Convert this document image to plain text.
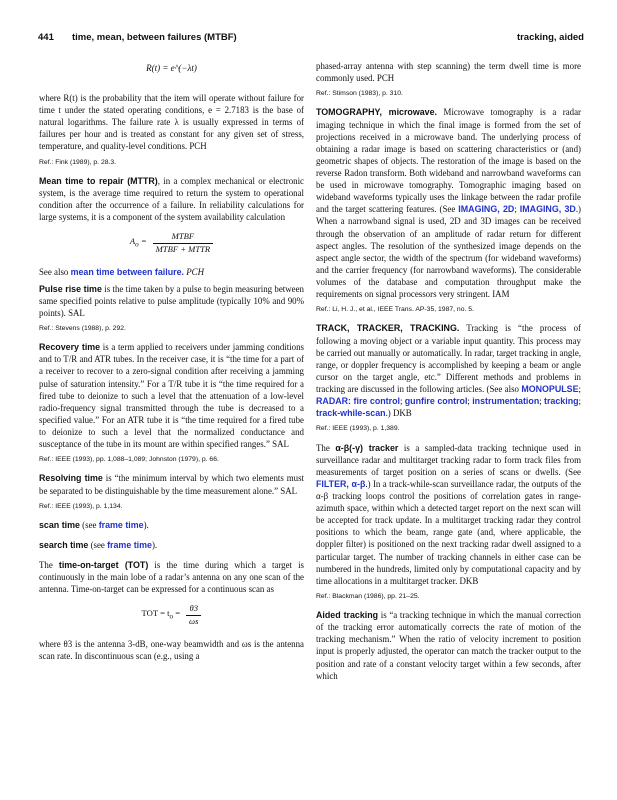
441 time, mean, between failures (MTBF)	tracking, aided
R(t) = e^(−λt)

where R(t) is the probability that the item will operate without failure for time t under the stated operating conditions, e = 2.7183 is the base of natural logarithms. The failure rate λ is usually expressed in terms of failures per hour and is treated as constant for any given set of stress, temperature, and quality-level conditions. PCH

Ref.: Fink (1989), p. 28.3.

Mean time to repair (MTTR), in a complex mechanical or electronic system, is the average time required to return the system to operational condition after the occurrence of a failure. In reliability calculations for large systems, it is a component of the system availability calculation

$A_o = \frac{\text{MTBF}}{\text{MTBF + MTTR}}$

See also mean time between failure. PCH

Pulse rise time is the time taken by a pulse to begin measuring between same specified points relative to pulse amplitude (typically 10% and 90% points). SAL

Ref.: Stevens (1988), p. 292.

Recovery time is a term applied to receivers under jamming conditions and to T/R and ATR tubes. In the receiver case, it is “the time for a part of a receiver to recover to a zero-signal condition after receiving a jamming pulse of saturation intensity.” For a T/R tube it is “the time required for a fired tube to deionize to such a level that the attenuation of a low-level radio-frequency signal transmitted through the tube is decreased to a specified value.” For an ATR tube it is “the time required for a fired tube to deionize to such a level that the normalized conductance and susceptance of the tube in its mount are within specified ranges.” SAL

Ref.: IEEE (1993), pp. 1,088–1,089; Johnston (1979), p. 66.

Resolving time is “the minimum interval by which two elements must be separated to be distinguishable by the time measurement alone.” SAL

Ref.: IEEE (1993), p. 1,134.

scan time (see frame time).

search time (see frame time).

The time-on-target (TOT) is the time during which a target is continuously in the main lobe of a radar’s antenna on any one scan of the antenna. Time-on-target can be expressed for a continuous scan as

TOT = $t_o = \frac{\theta 3}{\omega s}$

where θ3 is the antenna 3-dB, one-way beamwidth and ωs is the antenna scan rate. In discontinuous scan (e.g., using a

phased-array antenna with step scanning) the term dwell time is more commonly used. PCH

Ref.: Stimson (1983), p. 310.

TOMOGRAPHY, microwave. Microwave tomography is a radar imaging technique in which the final image is formed from the set of projections received in a microwave band. The underlying process of obtaining a radar image is based on scattering characteristics or (and) geometric shapes of objects. The restoration of the image is based on the reverse Radon transform. Both wideband and narrowband waveforms can be used in microwave tomography. Tomographic imaging based on wideband waveforms typically uses the linkage between the radar profile and the target scattering features. (See IMAGING, 2D; IMAGING, 3D.) When a narrowband signal is used, 2D and 3D images can be received through the observation of an amplitude of radar return for different aspect angles. The resolution of the synthesized image depends on the aspect angle sector, the width of the spectrum (for wideband waveforms) and the carrier frequency (for narrowband waveforms). The considerable volumes of the database and computation throughput make the requirements on signal processors very stringent. IAM

Ref.: Li, H. J., et al., IEEE Trans. AP-35, 1987, no. 5.

TRACK, TRACKER, TRACKING. Tracking is “the process of following a moving object or a variable input quantity. This process may be carried out manually or automatically. In radar, target tracking in angle, range, or doppler frequency is accomplished by keeping a beam or angle cursor on the target angle, etc.” Different methods and problems in tracking are discussed in the following articles. (See also MONOPULSE; RADAR: fire control; gunfire control; instrumentation; tracking; track-while-scan.) DKB

Ref.: IEEE (1993), p. 1,389.

The α-β(-γ) tracker is a sampled-data tracking technique used in surveillance radar and multitarget tracking radar to form track files from measurements of target position on a series of scans or dwells. (See FILTER, α-β.) In a track-while-scan surveillance radar, the outputs of the α-β tracking loops control the positions of correlation gates in range-azimuth space, within which a detected target report on the next scan will be accepted for track update. In a multitarget tracking radar they control positions to which the beam, range gate (and, where applicable, the doppler filter) is positioned on the next tracking radar dwell assigned to a particular target. The number of tracking channels in either case can be numbered in the hundreds, limited only by computational capacity and by time allocations in a multitarget tracker. DKB

Ref.: Blackman (1986), pp. 21–25.

Aided tracking is “a tracking technique in which the manual correction of the tracking error automatically corrects the rate of motion of the tracking mechanism.” When the ratio of velocity increment to position input is properly adjusted, the operator can match the tracker output to the position and rate of a constant velocity target within a few seconds, after which
